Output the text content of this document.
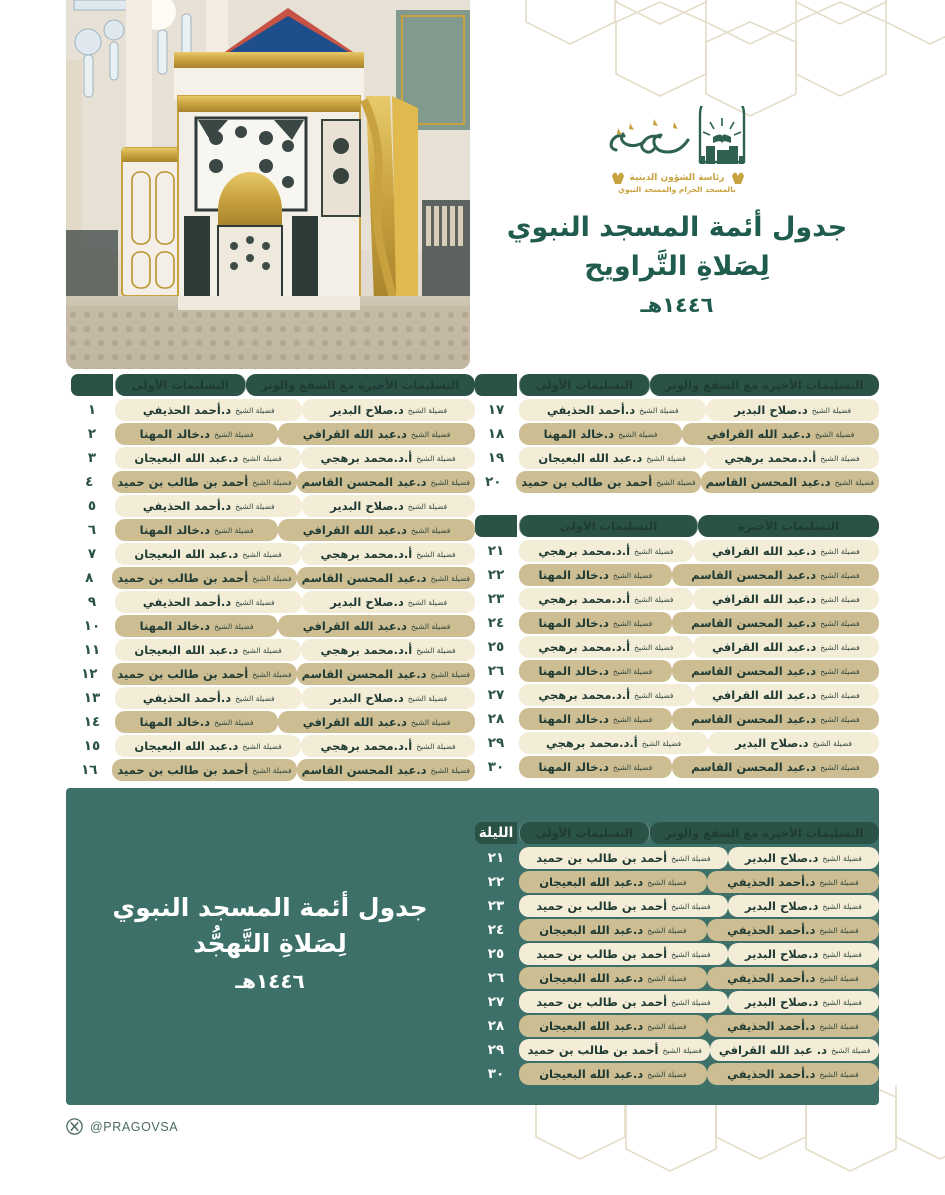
رئاسة الشؤون الدينية
بالمسجد الحرام والمسجد النبوي
جدول أئمة المسجد النبوي
لِصَلاةِ التَّراويح
١٤٤٦هـ
التسليمات الأخيرة مع الشفع والوتر
التسليمات الأولى
الليلة
فضيلة الشيخ
د.صلاح البدير
فضيلة الشيخ
د.أحمد الحذيفي
١
فضيلة الشيخ
د.عبد الله القرافي
فضيلة الشيخ
د.خالد المهنا
٢
فضيلة الشيخ
أ.د.محمد برهجي
فضيلة الشيخ
د.عبد الله البعيجان
٣
فضيلة الشيخ
د.عبد المحسن القاسم
فضيلة الشيخ
أحمد بن طالب بن حميد
٤
فضيلة الشيخ
د.صلاح البدير
فضيلة الشيخ
د.أحمد الحذيفي
٥
فضيلة الشيخ
د.عبد الله القرافي
فضيلة الشيخ
د.خالد المهنا
٦
فضيلة الشيخ
أ.د.محمد برهجي
فضيلة الشيخ
د.عبد الله البعيجان
٧
فضيلة الشيخ
د.عبد المحسن القاسم
فضيلة الشيخ
أحمد بن طالب بن حميد
٨
فضيلة الشيخ
د.صلاح البدير
فضيلة الشيخ
د.أحمد الحذيفي
٩
فضيلة الشيخ
د.عبد الله القرافي
فضيلة الشيخ
د.خالد المهنا
١٠
فضيلة الشيخ
أ.د.محمد برهجي
فضيلة الشيخ
د.عبد الله البعيجان
١١
فضيلة الشيخ
د.عبد المحسن القاسم
فضيلة الشيخ
أحمد بن طالب بن حميد
١٢
فضيلة الشيخ
د.صلاح البدير
فضيلة الشيخ
د.أحمد الحذيفي
١٣
فضيلة الشيخ
د.عبد الله القرافي
فضيلة الشيخ
د.خالد المهنا
١٤
فضيلة الشيخ
أ.د.محمد برهجي
فضيلة الشيخ
د.عبد الله البعيجان
١٥
فضيلة الشيخ
د.عبد المحسن القاسم
فضيلة الشيخ
أحمد بن طالب بن حميد
١٦
التسليمات الأخيرة مع الشفع والوتر
التسليمات الأولى
الليلة
فضيلة الشيخ
د.صلاح البدير
فضيلة الشيخ
د.أحمد الحذيفي
١٧
فضيلة الشيخ
د.عبد الله القرافي
فضيلة الشيخ
د.خالد المهنا
١٨
فضيلة الشيخ
أ.د.محمد برهجي
فضيلة الشيخ
د.عبد الله البعيجان
١٩
فضيلة الشيخ
د.عبد المحسن القاسم
فضيلة الشيخ
أحمد بن طالب بن حميد
٢٠
التسليمات الأخيرة
التسليمات الأولى
الليلة
فضيلة الشيخ
د.عبد الله القرافي
فضيلة الشيخ
أ.د.محمد برهجي
٢١
فضيلة الشيخ
د.عبد المحسن القاسم
فضيلة الشيخ
د.خالد المهنا
٢٢
فضيلة الشيخ
د.عبد الله القرافي
فضيلة الشيخ
أ.د.محمد برهجي
٢٣
فضيلة الشيخ
د.عبد المحسن القاسم
فضيلة الشيخ
د.خالد المهنا
٢٤
فضيلة الشيخ
د.عبد الله القرافي
فضيلة الشيخ
أ.د.محمد برهجي
٢٥
فضيلة الشيخ
د.عبد المحسن القاسم
فضيلة الشيخ
د.خالد المهنا
٢٦
فضيلة الشيخ
د.عبد الله القرافي
فضيلة الشيخ
أ.د.محمد برهجي
٢٧
فضيلة الشيخ
د.عبد المحسن القاسم
فضيلة الشيخ
د.خالد المهنا
٢٨
فضيلة الشيخ
د.صلاح البدير
فضيلة الشيخ
أ.د.محمد برهجي
٢٩
فضيلة الشيخ
د.عبد المحسن القاسم
فضيلة الشيخ
د.خالد المهنا
٣٠
جدول أئمة المسجد النبوي
لِصَلاةِ التَّهجُّد
١٤٤٦هـ
التسليمات الأخيرة مع الشفع والوتر
التسليمات الأولى
الليلة
فضيلة الشيخ
د.صلاح البدير
فضيلة الشيخ
أحمد بن طالب بن حميد
٢١
فضيلة الشيخ
د.أحمد الحذيفي
فضيلة الشيخ
د.عبد الله البعيجان
٢٢
فضيلة الشيخ
د.صلاح البدير
فضيلة الشيخ
أحمد بن طالب بن حميد
٢٣
فضيلة الشيخ
د.أحمد الحذيفي
فضيلة الشيخ
د.عبد الله البعيجان
٢٤
فضيلة الشيخ
د.صلاح البدير
فضيلة الشيخ
أحمد بن طالب بن حميد
٢٥
فضيلة الشيخ
د.أحمد الحذيفي
فضيلة الشيخ
د.عبد الله البعيجان
٢٦
فضيلة الشيخ
د.صلاح البدير
فضيلة الشيخ
أحمد بن طالب بن حميد
٢٧
فضيلة الشيخ
د.أحمد الحذيفي
فضيلة الشيخ
د.عبد الله البعيجان
٢٨
فضيلة الشيخ
د. عبد الله القرافي
فضيلة الشيخ
أحمد بن طالب بن حميد
٢٩
فضيلة الشيخ
د.أحمد الحذيفي
فضيلة الشيخ
د.عبد الله البعيجان
٣٠
@PRAGOVSA
